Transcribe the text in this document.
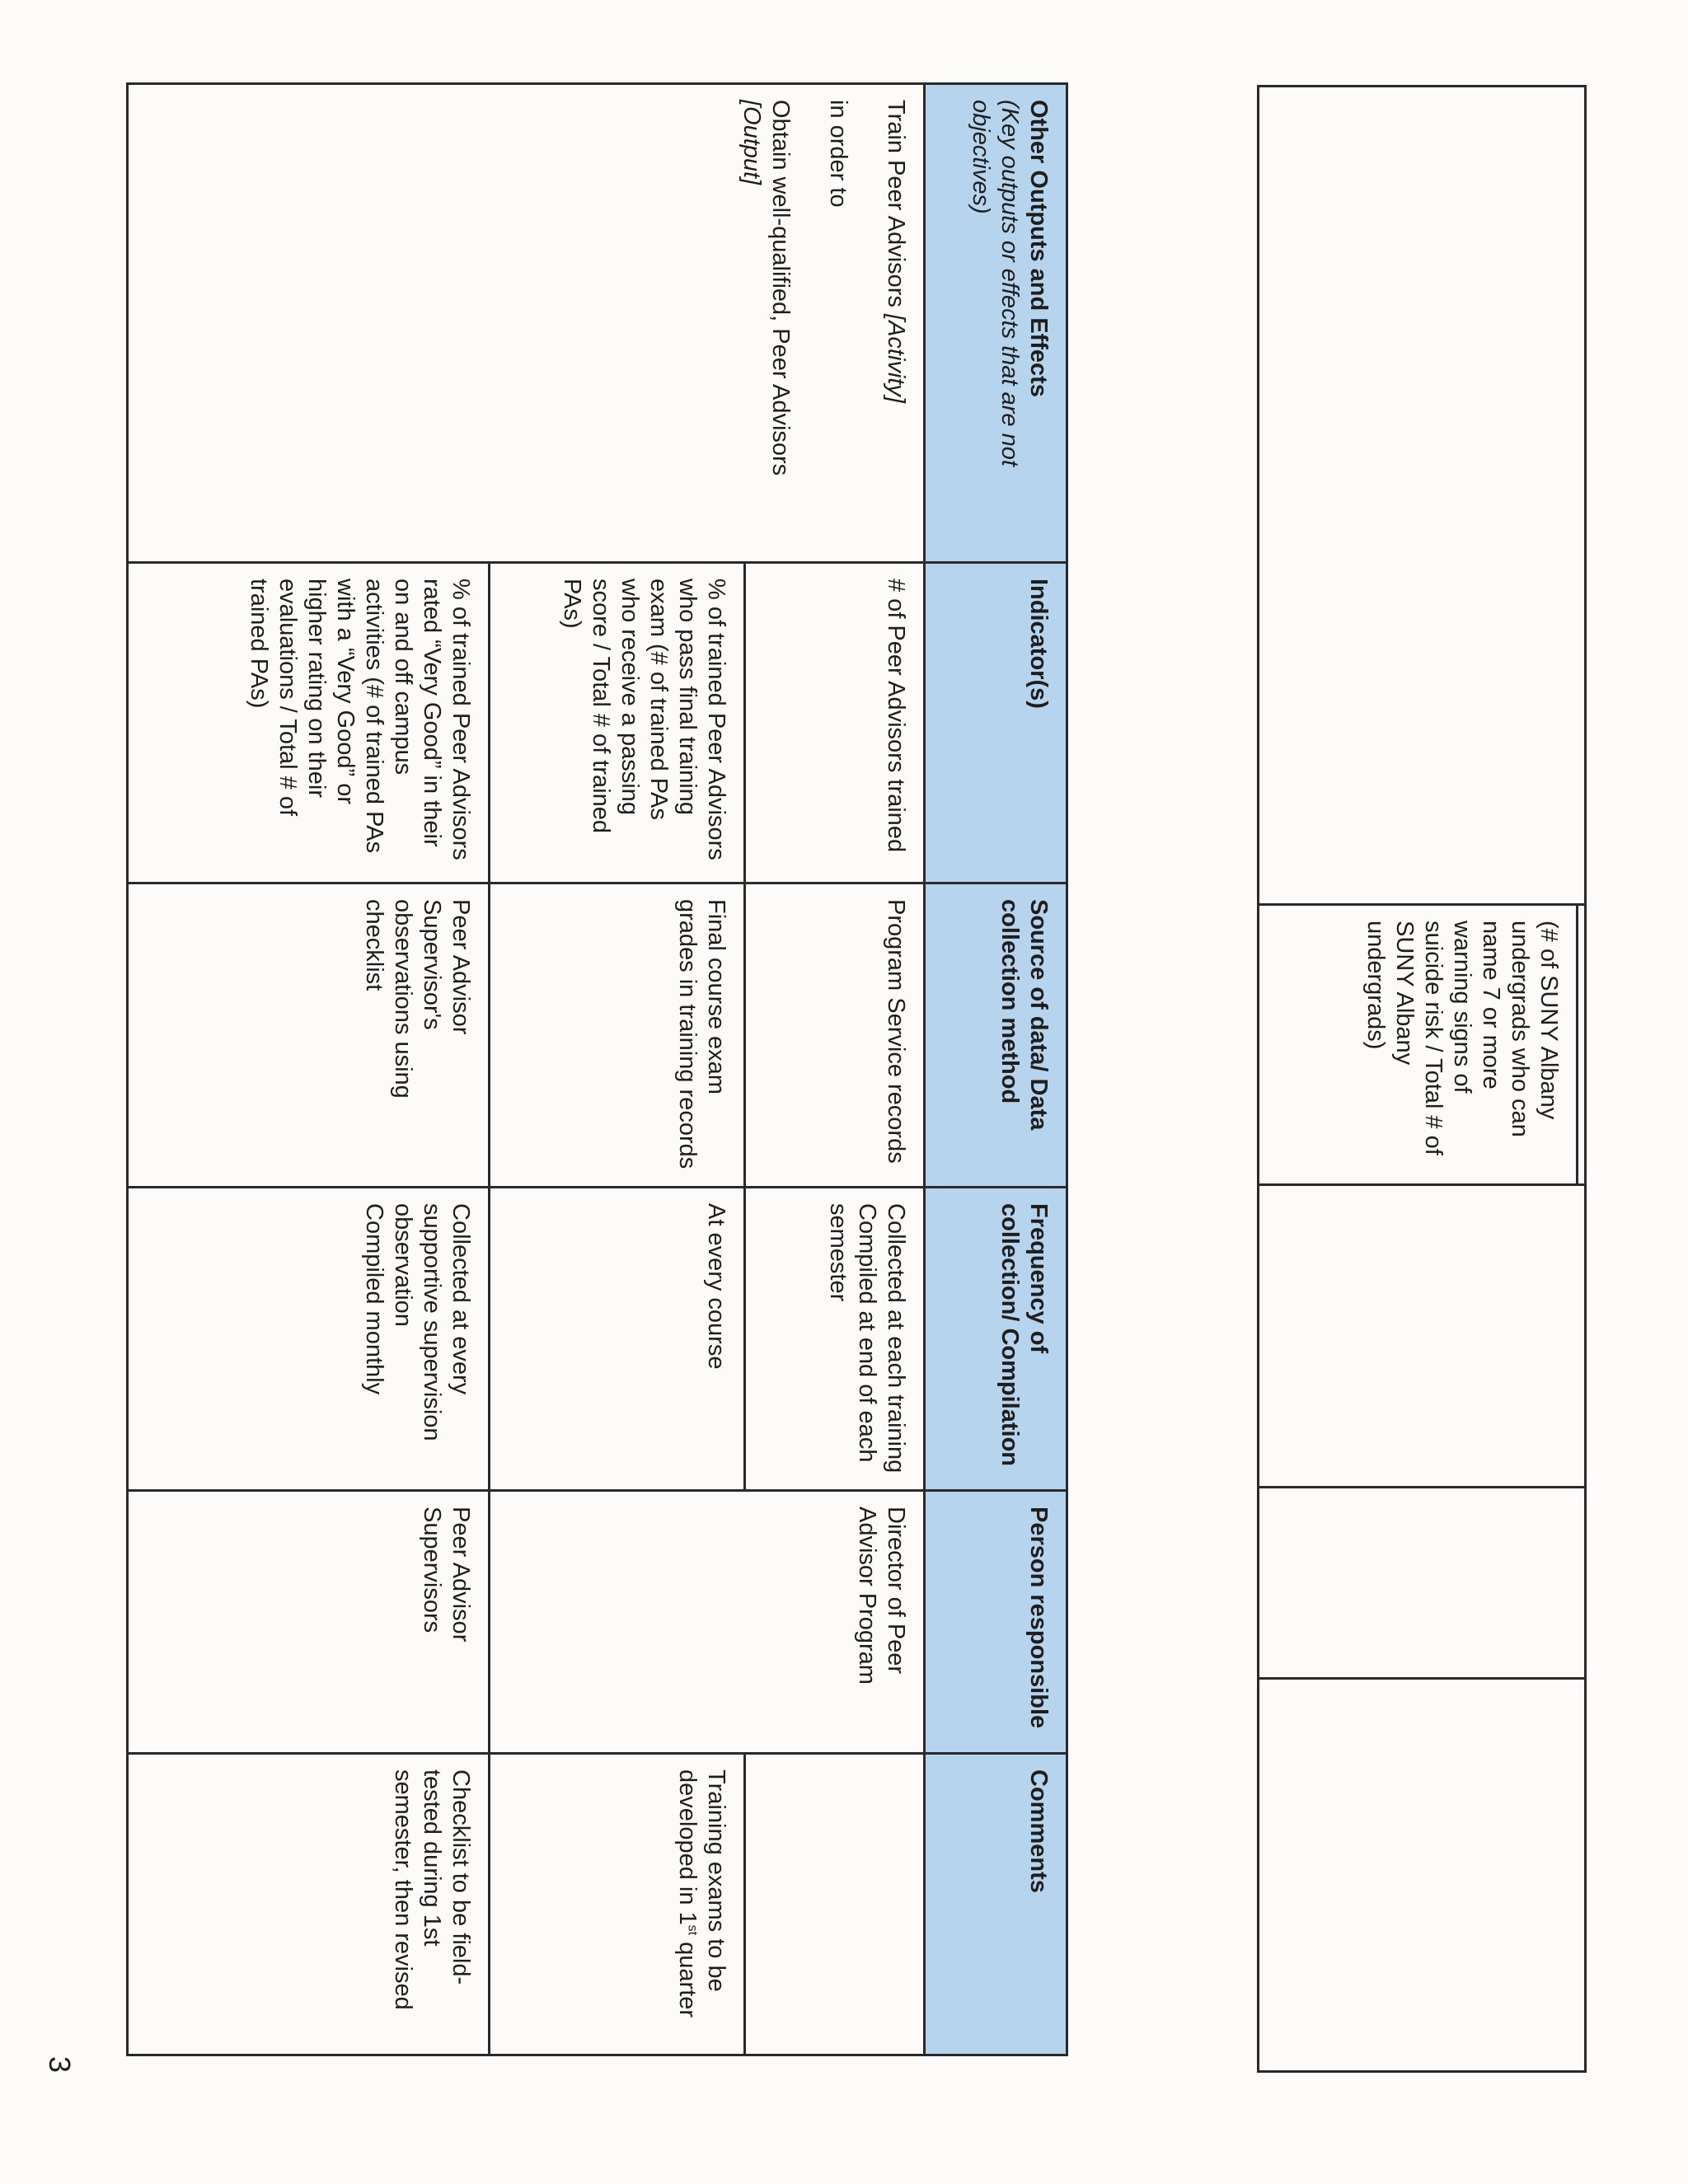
(# of SUNY Albany undergrads who can name 7 or more warning signs of suicide risk / Total # of SUNY Albany undergrads)
Other Outputs and Effects
(Key outputs or effects that are not objectives)
Indicator(s)
Source of data/ Data collection method
Frequency of collection/ Compilation
Person responsible
Comments
Train Peer Advisors [Activity]
in order to
Obtain well-qualified, Peer Advisors [Output]
# of Peer Advisors trained
Program Service records
Collected at each training
Compiled at end of each semester
Director of Peer Advisor Program
% of trained Peer Advisors who pass final training exam (# of trained PAs who receive a passing score / Total # of trained PAs)
Final course exam grades in training records
At every course
Training exams to be developed in 1st quarter
% of trained Peer Advisors rated “Very Good” in their on and off campus activities (# of trained PAs with a “Very Good” or higher rating on their evaluations / Total # of trained PAs)
Peer Advisor Supervisor's observations using checklist
Collected at every supportive supervision observation
Compiled monthly
Peer Advisor Supervisors
Checklist to be field-tested during 1st semester, then revised
3
